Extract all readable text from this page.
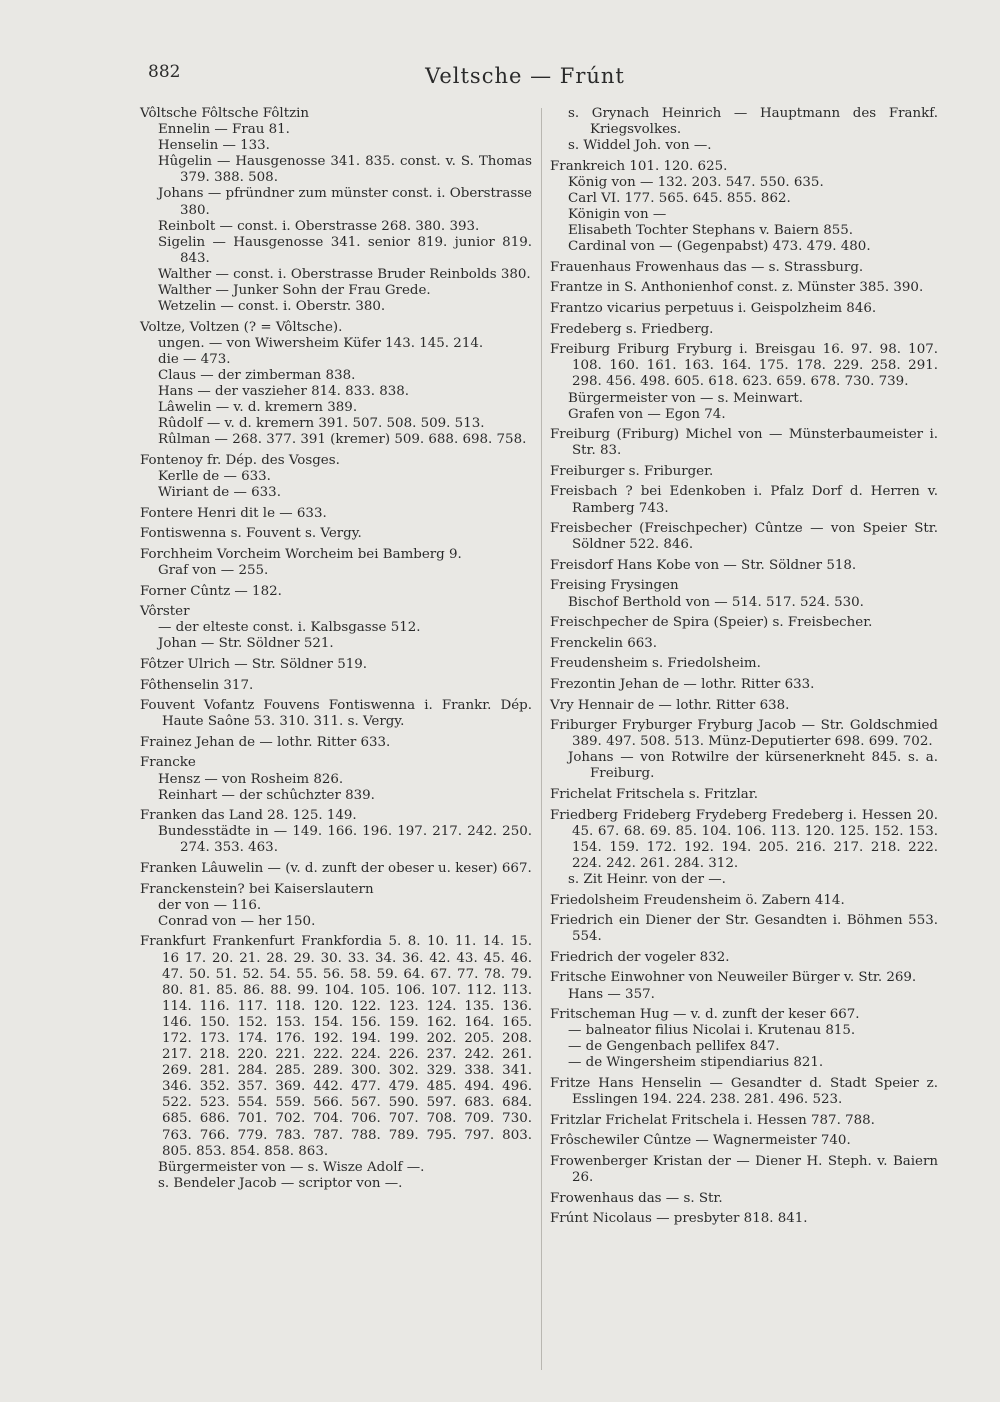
882	Veltsche — Frúnt
Vôltsche Fôltsche Fôltzin
Ennelin — Frau 81.
Henselin — 133.
Hûgelin — Hausgenosse 341. 835. const. v. S. Thomas 379. 388. 508.
Johans — pfründner zum münster const. i. Oberstrasse 380.
Reinbolt — const. i. Oberstrasse 268. 380. 393.
Sigelin — Hausgenosse 341. senior 819. junior 819. 843.
Walther — const. i. Oberstrasse Bruder Reinbolds 380.
Walther — Junker Sohn der Frau Grede.
Wetzelin — const. i. Oberstr. 380.
Voltze, Voltzen (? = Vôltsche).
ungen. — von Wiwersheim Küfer 143. 145. 214.
die — 473.
Claus — der zimberman 838.
Hans — der vaszieher 814. 833. 838.
Lâwelin — v. d. kremern 389.
Rûdolf — v. d. kremern 391. 507. 508. 509. 513.
Rûlman — 268. 377. 391 (kremer) 509. 688. 698. 758.
Fontenoy fr. Dép. des Vosges.
Kerlle de — 633.
Wiriant de — 633.
Fontere Henri dit le — 633.
Fontiswenna s. Fouvent s. Vergy.
Forchheim Vorcheim Worcheim bei Bamberg 9.
Graf von — 255.
Forner Cûntz — 182.
Vôrster
— der elteste const. i. Kalbsgasse 512.
Johan — Str. Söldner 521.
Fôtzer Ulrich — Str. Söldner 519.
Fôthenselin 317.
Fouvent Vofantz Fouvens Fontiswenna i. Frankr. Dép. Haute Saône 53. 310. 311. s. Vergy.
Frainez Jehan de — lothr. Ritter 633.
Francke
Hensz — von Rosheim 826.
Reinhart — der schûchzter 839.
Franken das Land 28. 125. 149.
Bundesstädte in — 149. 166. 196. 197. 217. 242. 250. 274. 353. 463.
Franken Lâuwelin — (v. d. zunft der obeser u. keser) 667.
Franckenstein? bei Kaiserslautern
der von — 116.
Conrad von — her 150.
Frankfurt Frankenfurt Frankfordia 5. 8. 10. 11. 14. 15. 16 17. 20. 21. 28. 29. 30. 33. 34. 36. 42. 43. 45. 46. 47. 50. 51. 52. 54. 55. 56. 58. 59. 64. 67. 77. 78. 79. 80. 81. 85. 86. 88. 99. 104. 105. 106. 107. 112. 113. 114. 116. 117. 118. 120. 122. 123. 124. 135. 136. 146. 150. 152. 153. 154. 156. 159. 162. 164. 165. 172. 173. 174. 176. 192. 194. 199. 202. 205. 208. 217. 218. 220. 221. 222. 224. 226. 237. 242. 261. 269. 281. 284. 285. 289. 300. 302. 329. 338. 341. 346. 352. 357. 369. 442. 477. 479. 485. 494. 496. 522. 523. 554. 559. 566. 567. 590. 597. 683. 684. 685. 686. 701. 702. 704. 706. 707. 708. 709. 730. 763. 766. 779. 783. 787. 788. 789. 795. 797. 803. 805. 853. 854. 858. 863.
Bürgermeister von — s. Wisze Adolf —.
s. Bendeler Jacob — scriptor von —.
s. Grynach Heinrich — Hauptmann des Frankf. Kriegsvolkes.
s. Widdel Joh. von —.
Frankreich 101. 120. 625.
König von — 132. 203. 547. 550. 635.
Carl VI. 177. 565. 645. 855. 862.
Königin von —
Elisabeth Tochter Stephans v. Baiern 855.
Cardinal von — (Gegenpabst) 473. 479. 480.
Frauenhaus Frowenhaus das — s. Strassburg.
Frantze in S. Anthonienhof const. z. Münster 385. 390.
Frantzo vicarius perpetuus i. Geispolzheim 846.
Fredeberg s. Friedberg.
Freiburg Friburg Fryburg i. Breisgau 16. 97. 98. 107. 108. 160. 161. 163. 164. 175. 178. 229. 258. 291. 298. 456. 498. 605. 618. 623. 659. 678. 730. 739.
Bürgermeister von — s. Meinwart.
Grafen von — Egon 74.
Freiburg (Friburg) Michel von — Münsterbaumeister i. Str. 83.
Freiburger s. Friburger.
Freisbach ? bei Edenkoben i. Pfalz Dorf d. Herren v. Ramberg 743.
Freisbecher (Freischpecher) Cûntze — von Speier Str. Söldner 522. 846.
Freisdorf Hans Kobe von — Str. Söldner 518.
Freising Frysingen
Bischof Berthold von — 514. 517. 524. 530.
Freischpecher de Spira (Speier) s. Freisbecher.
Frenckelin 663.
Freudensheim s. Friedolsheim.
Frezontin Jehan de — lothr. Ritter 633.
Vry Hennair de — lothr. Ritter 638.
Friburger Fryburger Fryburg Jacob — Str. Goldschmied 389. 497. 508. 513. Münz-Deputierter 698. 699. 702.
Johans — von Rotwilre der kürsenerkneht 845. s. a. Freiburg.
Frichelat Fritschela s. Fritzlar.
Friedberg Frideberg Frydeberg Fredeberg i. Hessen 20. 45. 67. 68. 69. 85. 104. 106. 113. 120. 125. 152. 153. 154. 159. 172. 192. 194. 205. 216. 217. 218. 222. 224. 242. 261. 284. 312.
s. Zit Heinr. von der —.
Friedolsheim Freudensheim ö. Zabern 414.
Friedrich ein Diener der Str. Gesandten i. Böhmen 553. 554.
Friedrich der vogeler 832.
Fritsche Einwohner von Neuweiler Bürger v. Str. 269.
Hans — 357.
Fritscheman Hug — v. d. zunft der keser 667.
— balneator filius Nicolai i. Krutenau 815.
— de Gengenbach pellifex 847.
— de Wingersheim stipendiarius 821.
Fritze Hans Henselin — Gesandter d. Stadt Speier z. Esslingen 194. 224. 238. 281. 496. 523.
Fritzlar Frichelat Fritschela i. Hessen 787. 788.
Frôschewiler Cûntze — Wagnermeister 740.
Frowenberger Kristan der — Diener H. Steph. v. Baiern 26.
Frowenhaus das — s. Str.
Frúnt Nicolaus — presbyter 818. 841.
